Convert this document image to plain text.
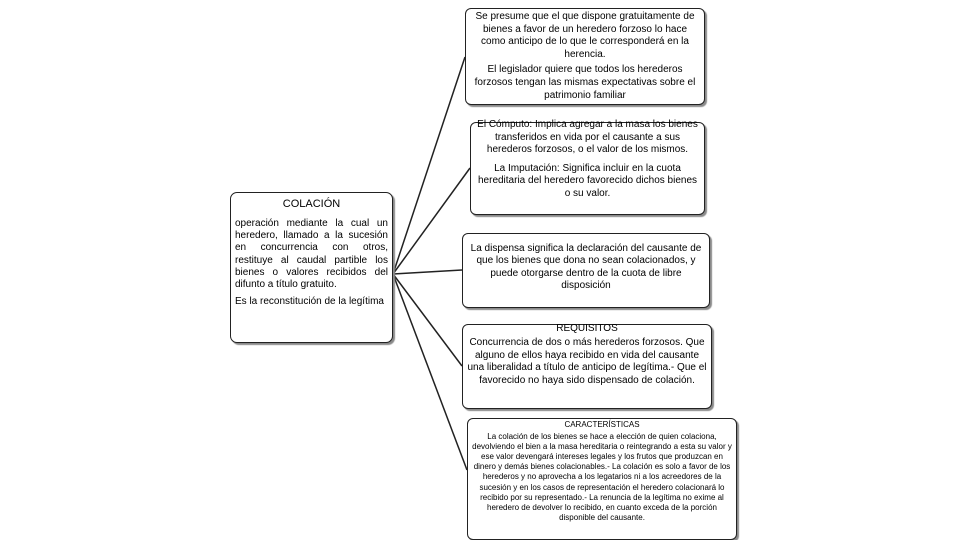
COLACIÓN

operación mediante la cual un heredero, llamado a la sucesión en concurrencia con otros, restituye al caudal partible los bienes o valores recibidos del difunto a título gratuito.

Es la reconstitución de la legítima

Se presume que el que dispone gratuitamente de bienes a favor de un heredero forzoso lo hace como anticipo de lo que le corresponderá en la herencia.

El legislador quiere que todos los herederos forzosos tengan las mismas expectativas sobre el patrimonio familiar

El Cómputo: Implica agregar a la masa los bienes transferidos en vida por el causante a sus herederos forzosos, o el valor de los mismos.

La Imputación: Significa incluir en la cuota hereditaria del heredero favorecido dichos bienes o su valor.

La dispensa significa la declaración del causante de que los bienes que dona no sean colacionados, y puede otorgarse dentro de la cuota de libre disposición

REQUISITOS

Concurrencia de dos o más herederos forzosos. Que alguno de ellos haya recibido en vida del causante una liberalidad a título de anticipo de legítima.- Que el favorecido no haya sido dispensado de colación.

CARACTERÍSTICAS

La colación de los bienes se hace a elección de quien colaciona, devolviendo el bien a la masa hereditaria o reintegrando a esta su valor y ese valor devengará intereses legales y los frutos que produzcan en dinero y demás bienes colacionables.- La colación es solo a favor de los herederos y no aprovecha a los legatarios ni a los acreedores de la sucesión y en los casos de representación el heredero colacionará lo recibido por su representado.- La renuncia de la legítima no exime al heredero de devolver lo recibido, en cuanto exceda de la porción disponible del causante.
